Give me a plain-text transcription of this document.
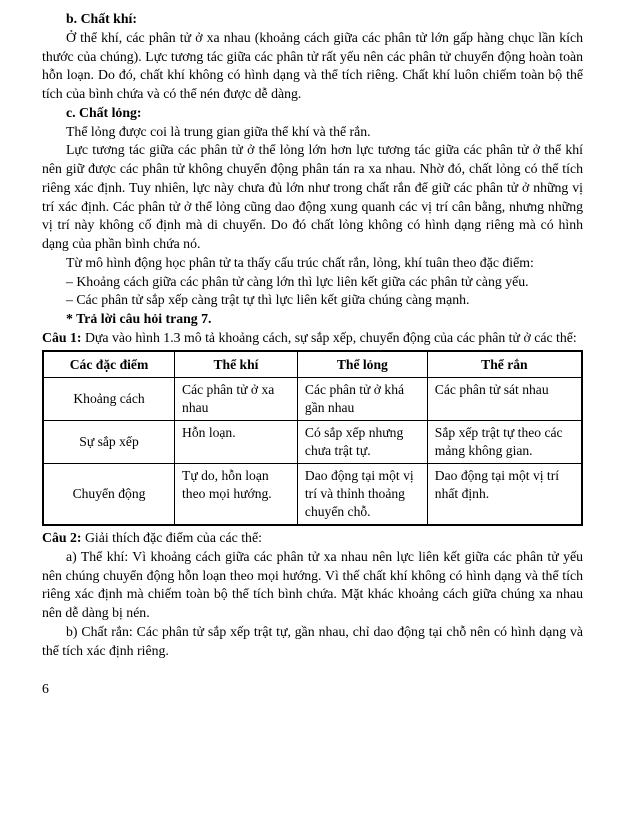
b. Chất khí:

Ở thể khí, các phân tử ở xa nhau (khoảng cách giữa các phân tử lớn gấp hàng chục lần kích thước của chúng). Lực tương tác giữa các phân tử rất yếu nên các phân tử chuyển động hoàn toàn hỗn loạn. Do đó, chất khí không có hình dạng và thể tích riêng. Chất khí luôn chiếm toàn bộ thể tích của bình chứa và có thể nén được dễ dàng.

c. Chất lỏng:

Thể lỏng được coi là trung gian giữa thể khí và thể rắn.

Lực tương tác giữa các phân tử ở thể lỏng lớn hơn lực tương tác giữa các phân tử ở thể khí nên giữ được các phân tử không chuyển động phân tán ra xa nhau. Nhờ đó, chất lỏng có thể tích riêng xác định. Tuy nhiên, lực này chưa đủ lớn như trong chất rắn để giữ các phân tử ở những vị trí xác định. Các phân tử ở thể lỏng cũng dao động xung quanh các vị trí cân bằng, nhưng những vị trí này không cố định mà di chuyển. Do đó chất lỏng không có hình dạng riêng mà có hình dạng của phần bình chứa nó.

Từ mô hình động học phân tử ta thấy cấu trúc chất rắn, lỏng, khí tuân theo đặc điểm:

– Khoảng cách giữa các phân tử càng lớn thì lực liên kết giữa các phân tử càng yếu.

– Các phân tử sắp xếp càng trật tự thì lực liên kết giữa chúng càng mạnh.

* Trả lời câu hỏi trang 7.

Câu 1: Dựa vào hình 1.3 mô tả khoảng cách, sự sắp xếp, chuyển động của các phân tử ở các thể:

Các đặc điểm	Thể khí	Thể lỏng	Thể rắn
Khoảng cách	Các phân tử ở xa nhau	Các phân tử ở khá gần nhau	Các phân tử sát nhau
Sự sắp xếp	Hỗn loạn.	Có sắp xếp nhưng chưa trật tự.	Sắp xếp trật tự theo các mảng không gian.
Chuyển động	Tự do, hỗn loạn theo mọi hướng.	Dao động tại một vị trí và thỉnh thoảng chuyển chỗ.	Dao động tại một vị trí nhất định.

Câu 2: Giải thích đặc điểm của các thể:

a) Thể khí: Vì khoảng cách giữa các phân tử xa nhau nên lực liên kết giữa các phân tử yếu nên chúng chuyển động hỗn loạn theo mọi hướng. Vì thế chất khí không có hình dạng và thể tích riêng xác định mà chiếm toàn bộ thể tích bình chứa. Mặt khác khoảng cách giữa chúng xa nhau nên dễ dàng bị nén.

b) Chất rắn: Các phân tử sắp xếp trật tự, gần nhau, chỉ dao động tại chỗ nên có hình dạng và thể tích xác định riêng.

6
